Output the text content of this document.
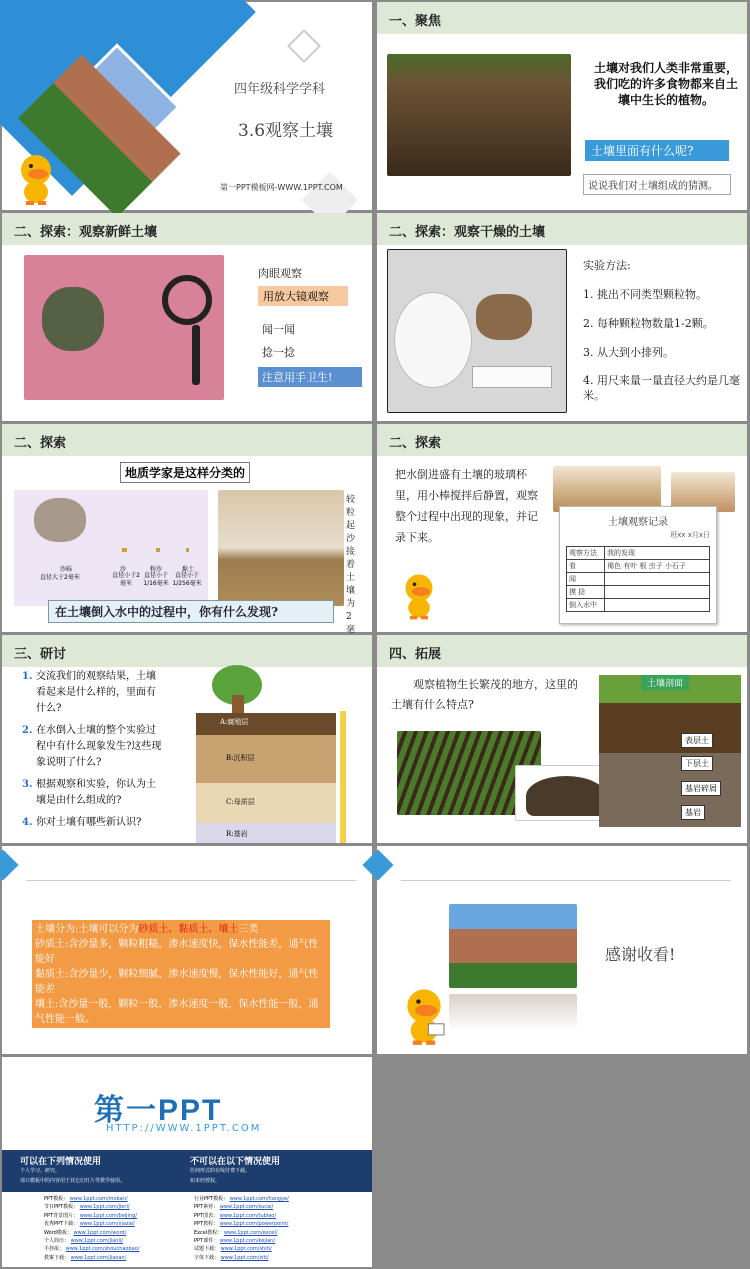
四年级科学学科
3.6观察土壤
第一PPT模板网-WWW.1PPT.COM
一、聚焦
土壤对我们人类非常重要，我们吃的许多食物都来自土壤中生长的植物。
土壤里面有什么呢?
说说我们对土壤组成的猜测。
二、探索：观察新鲜土壤
肉眼观察
用放大镜观察
闻一闻
捻一捻
注意用手卫生!
二、探索：观察干燥的土壤
实验方法:
1. 挑出不同类型颗粒物。
2. 每种颗粒物数量1-2颗。
3. 从大到小排列。
4. 用尺来量一量直径大约是几毫米。
二、探索
地质学家是这样分类的
沙砾
直径大于2毫米
沙
直径小于2毫米
粉沙
直径小于1/16毫米
黏土
直径小于1/256毫米
较粒起沙接着土壤为2毫
在土壤倒入水中的过程中，你有什么发现?
二、探索
把水倒进盛有土壤的玻璃杯里，用小棒搅拌后静置，观察整个过程中出现的现象，并记录下来。
土壤观察记录
班xx x月x日
观察方法	我的发现
看	褐色 有叶 根 虫子 小石子
闻	
摸 捻	
倒入水中	
三、研讨
1. 交流我们的观察结果，土壤看起来是什么样的，里面有什么?
2. 在水倒入土壤的整个实验过程中有什么现象发生?这些现象说明了什么?
3. 根据观察和实验，你认为土壤是由什么组成的?
4. 你对土壤有哪些新认识?
A:腐殖层
B:沉积层
C:母质层
R:基岩
四、拓展
观察植物生长繁茂的地方，这里的土壤有什么特点?
土壤剖面
表层土
下层土
基岩碎屑
基岩
土壤分为:土壤可以分为砂质土、黏质土、壤土三类
砂质土:含沙量多，颗粒粗糙，渗水速度快，保水性能差，通气性能好
黏质土:含沙量少，颗粒细腻，渗水速度慢，保水性能好，通气性能差
壤土:含沙量一般，颗粒一般，渗水速度一般，保水性能一般，通气性能一般。
感谢收看!
第一PPT
HTTP://WWW.1PPT.COM
可以在下列情况使用
个人学习、研究。
请只模板中的内容用于其它幻灯片等教学使用。
不可以在以下情况使用
任何形式的在线付费下载。
如未经授权。
PPT模板： www.1ppt.com/moban/
节日PPT模板： www.1ppt.com/jieri/
PPT背景图片： www.1ppt.com/beijing/
优秀PPT下载： www.1ppt.com/xiazai/
Word模板： www.1ppt.com/word/
个人简历： www.1ppt.com/jianli/
手抄报： www.1ppt.com/shouchaobao/
教案下载： www.1ppt.com/jiaoan/
行业PPT模板： www.1ppt.com/hangye/
PPT素材： www.1ppt.com/sucai/
PPT图表： www.1ppt.com/tubiao/
PPT教程： www.1ppt.com/powerpoint/
Excel教程： www.1ppt.com/excel/
PPT课件： www.1ppt.com/kejian/
试题下载： www.1ppt.com/shiti/
字体下载： www.1ppt.com/ziti/
